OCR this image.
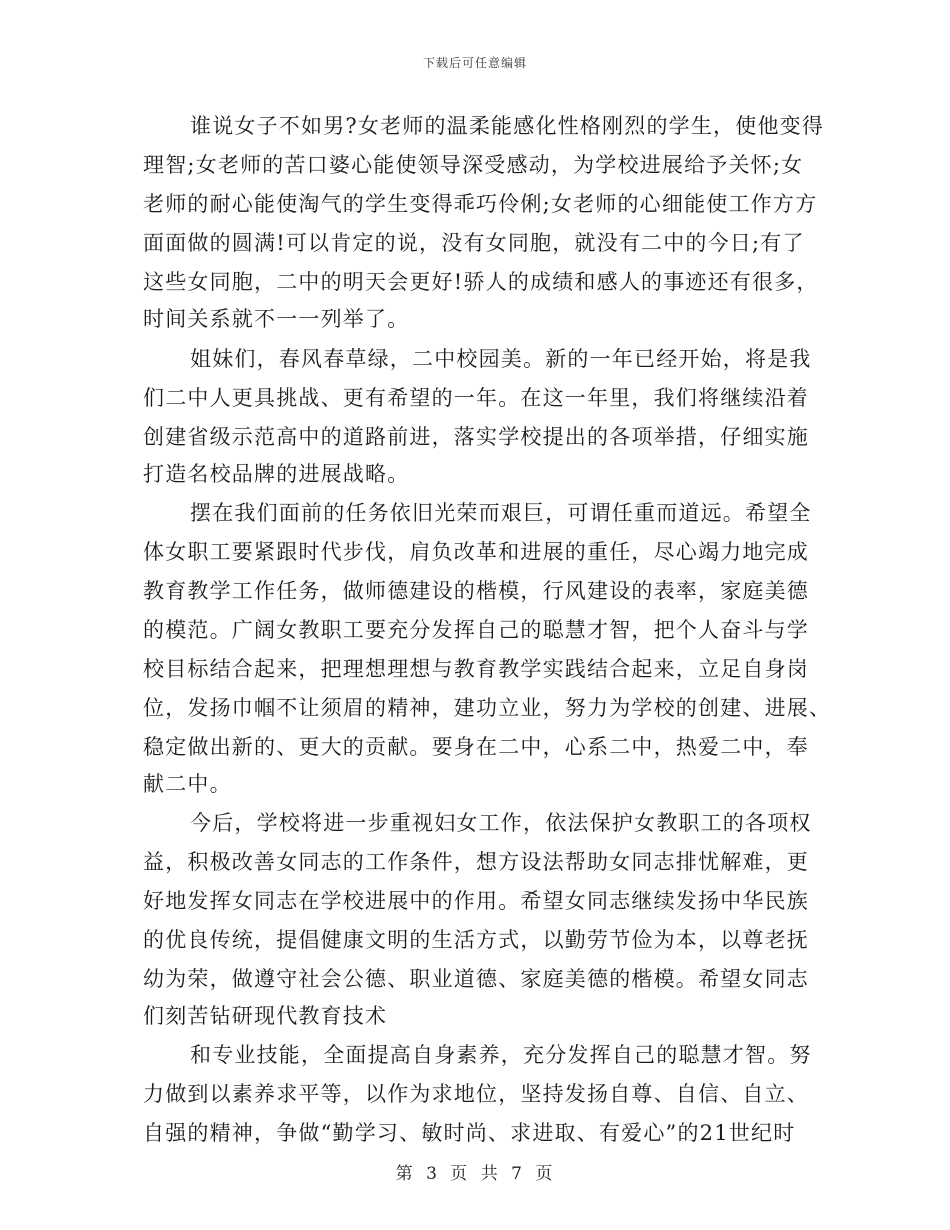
下载后可任意编辑
谁说女子不如男?女老师的温柔能感化性格刚烈的学生，使他变得
理智;女老师的苦口婆心能使领导深受感动，为学校进展给予关怀;女
老师的耐心能使淘气的学生变得乖巧伶俐;女老师的心细能使工作方方
面面做的圆满!可以肯定的说，没有女同胞，就没有二中的今日;有了
这些女同胞，二中的明天会更好!骄人的成绩和感人的事迹还有很多，
时间关系就不一一列举了。
姐妹们，春风春草绿，二中校园美。新的一年已经开始，将是我
们二中人更具挑战、更有希望的一年。在这一年里，我们将继续沿着
创建省级示范高中的道路前进，落实学校提出的各项举措，仔细实施
打造名校品牌的进展战略。
摆在我们面前的任务依旧光荣而艰巨，可谓任重而道远。希望全
体女职工要紧跟时代步伐，肩负改革和进展的重任，尽心竭力地完成
教育教学工作任务，做师德建设的楷模，行风建设的表率，家庭美德
的模范。广阔女教职工要充分发挥自己的聪慧才智，把个人奋斗与学
校目标结合起来，把理想理想与教育教学实践结合起来，立足自身岗
位，发扬巾帼不让须眉的精神，建功立业，努力为学校的创建、进展、
稳定做出新的、更大的贡献。要身在二中，心系二中，热爱二中，奉
献二中。
今后，学校将进一步重视妇女工作，依法保护女教职工的各项权
益，积极改善女同志的工作条件，想方设法帮助女同志排忧解难，更
好地发挥女同志在学校进展中的作用。希望女同志继续发扬中华民族
的优良传统，提倡健康文明的生活方式，以勤劳节俭为本，以尊老抚
幼为荣，做遵守社会公德、职业道德、家庭美德的楷模。希望女同志
们刻苦钻研现代教育技术
和专业技能，全面提高自身素养，充分发挥自己的聪慧才智。努
力做到以素养求平等，以作为求地位，坚持发扬自尊、自信、自立、
自强的精神，争做“勤学习、敏时尚、求进取、有爱心”的21世纪时
第 3 页 共 7 页
